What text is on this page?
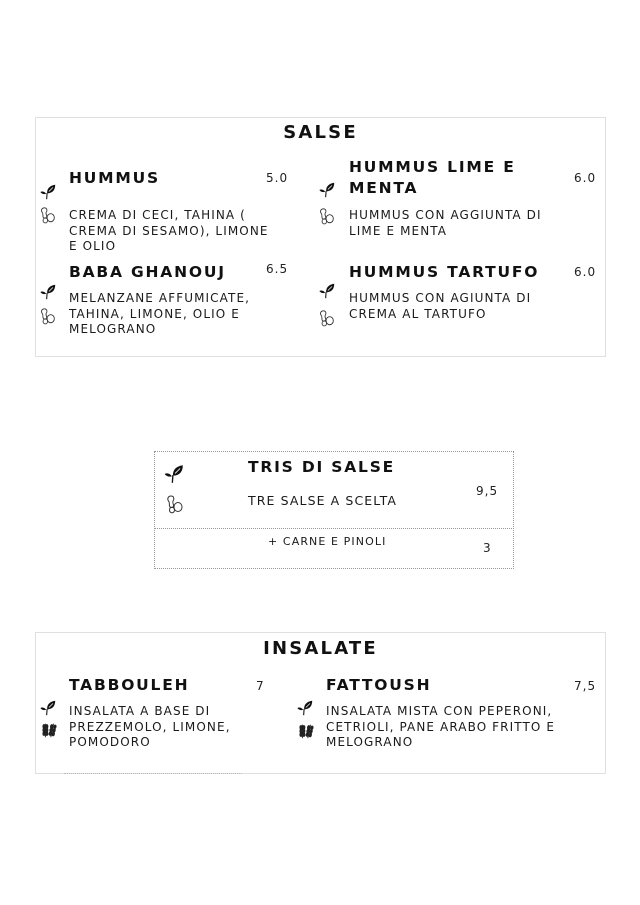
SALSE
HUMMUS	5.0
CREMA DI CECI, TAHINA ( CREMA DI SESAMO), LIMONE E OLIO
HUMMUS LIME E MENTA
6.0
HUMMUS CON AGGIUNTA DI LIME E MENTA
BABA GHANOUJ	6.5
MELANZANE AFFUMICATE, TAHINA, LIMONE, OLIO E MELOGRANO
HUMMUS TARTUFO	6.0
HUMMUS CON AGIUNTA DI CREMA AL TARTUFO
TRIS DI SALSE
TRE SALSE A SCELTA
9,5
+ CARNE E PINOLI	3
INSALATE
TABBOULEH	7
INSALATA A BASE DI PREZZEMOLO, LIMONE, POMODORO
FATTOUSH	7,5
INSALATA MISTA CON PEPERONI, CETRIOLI, PANE ARABO FRITTO E MELOGRANO
